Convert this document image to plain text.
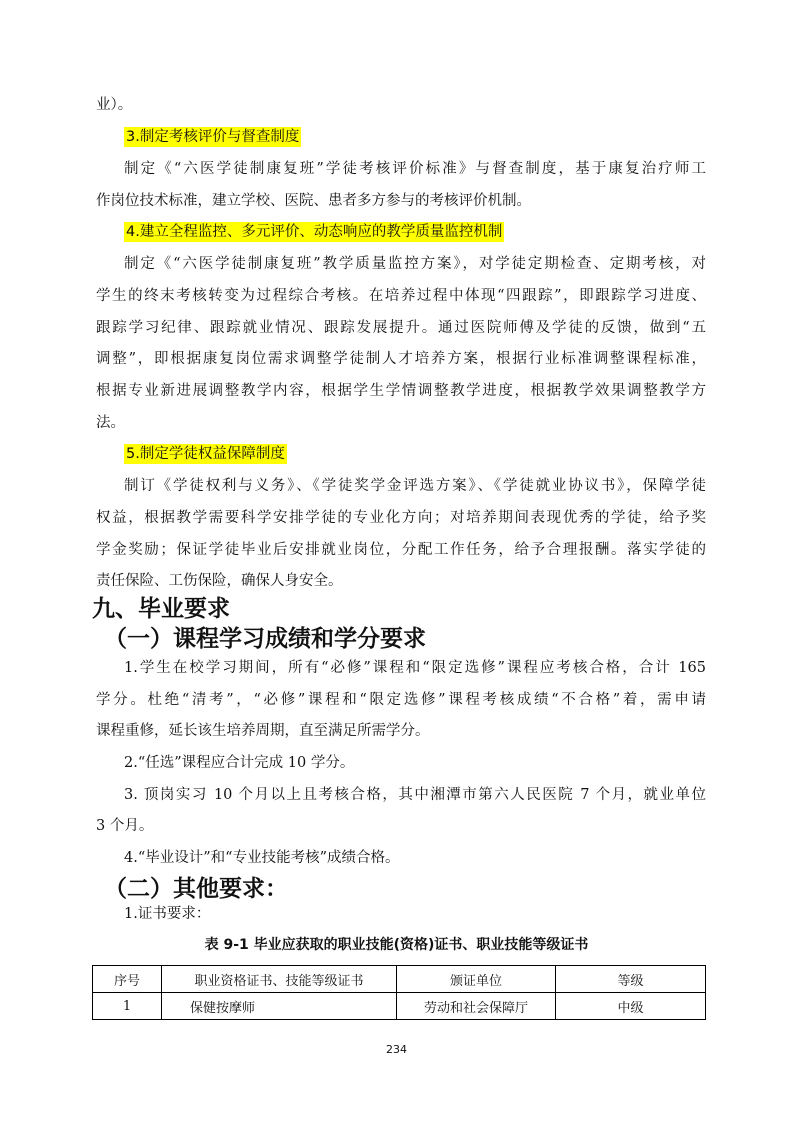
业）。
3.制定考核评价与督查制度
制定《“六医学徒制康复班”学徒考核评价标准》与督查制度，基于康复治疗师工
作岗位技术标准，建立学校、医院、患者多方参与的考核评价机制。
4.建立全程监控、多元评价、动态响应的教学质量监控机制
制定《“六医学徒制康复班”教学质量监控方案》，对学徒定期检查、定期考核，对
学生的终末考核转变为过程综合考核。在培养过程中体现“四跟踪”，即跟踪学习进度、
跟踪学习纪律、跟踪就业情况、跟踪发展提升。通过医院师傅及学徒的反馈，做到“五
调整”，即根据康复岗位需求调整学徒制人才培养方案，根据行业标准调整课程标准，
根据专业新进展调整教学内容，根据学生学情调整教学进度，根据教学效果调整教学方
法。
5.制定学徒权益保障制度
制订《学徒权利与义务》、《学徒奖学金评选方案》、《学徒就业协议书》，保障学徒
权益，根据教学需要科学安排学徒的专业化方向；对培养期间表现优秀的学徒，给予奖
学金奖励；保证学徒毕业后安排就业岗位，分配工作任务，给予合理报酬。落实学徒的
责任保险、工伤保险，确保人身安全。
九、毕业要求
（一）课程学习成绩和学分要求
1.学生在校学习期间，所有“必修”课程和“限定选修”课程应考核合格，合计 165
学分。杜绝“清考”，“必修”课程和“限定选修”课程考核成绩“不合格”着，需申请
课程重修，延长该生培养周期，直至满足所需学分。
2.“任选”课程应合计完成 10 学分。
3. 顶岗实习 10 个月以上且考核合格，其中湘潭市第六人民医院 7 个月，就业单位
3 个月。
4.“毕业设计”和“专业技能考核”成绩合格。
（二）其他要求：
1.证书要求：
表 9-1 毕业应获取的职业技能(资格)证书、职业技能等级证书
序号	职业资格证书、技能等级证书	颁证单位	等级
1	保健按摩师	劳动和社会保障厅	中级
234
